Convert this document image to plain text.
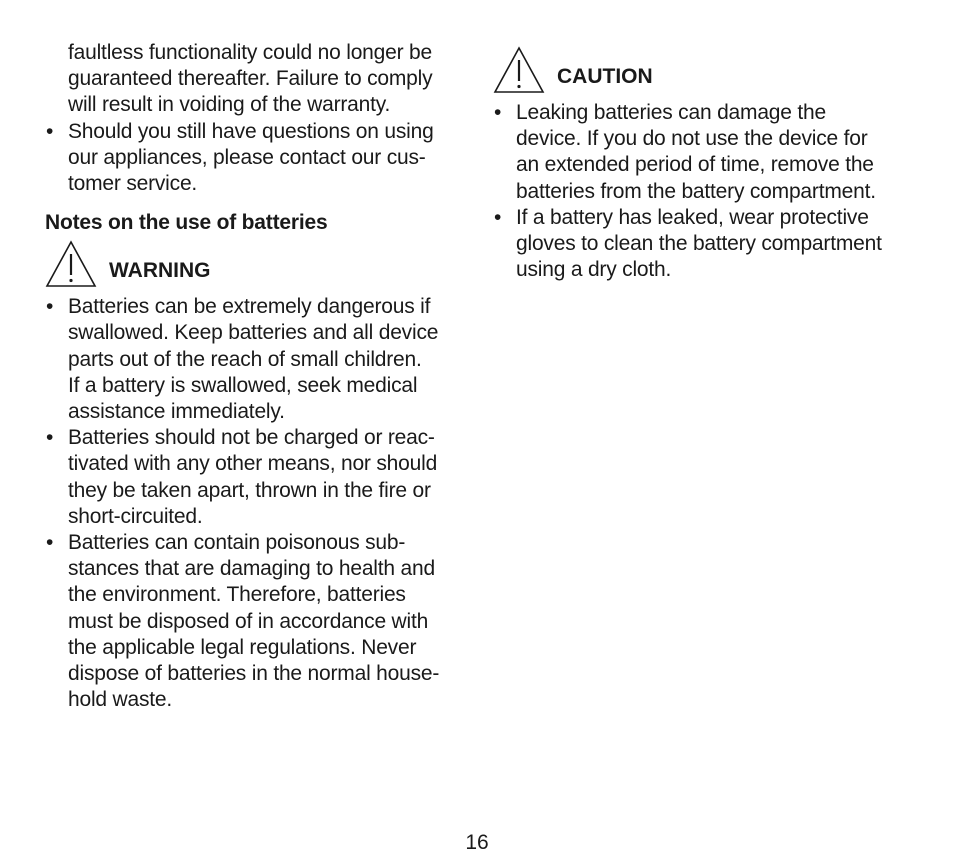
faultless functionality could no longer be
guaranteed thereafter. Failure to comply
will result in voiding of the warranty.
• Should you still have questions on using
our appliances, please contact our cus-
tomer service.
Notes on the use of batteries
WARNING
• Batteries can be extremely dangerous if
swallowed. Keep batteries and all device
parts out of the reach of small children.
If a battery is swallowed, seek medical
assistance immediately.
• Batteries should not be charged or reac-
tivated with any other means, nor should
they be taken apart, thrown in the fire or
short-circuited.
• Batteries can contain poisonous sub-
stances that are damaging to health and
the environment. Therefore, batteries
must be disposed of in accordance with
the applicable legal regulations. Never
dispose of batteries in the normal house-
hold waste.
CAUTION
• Leaking batteries can damage the
device. If you do not use the device for
an extended period of time, remove the
batteries from the battery compartment.
• If a battery has leaked, wear protective
gloves to clean the battery compartment
using a dry cloth.
16
